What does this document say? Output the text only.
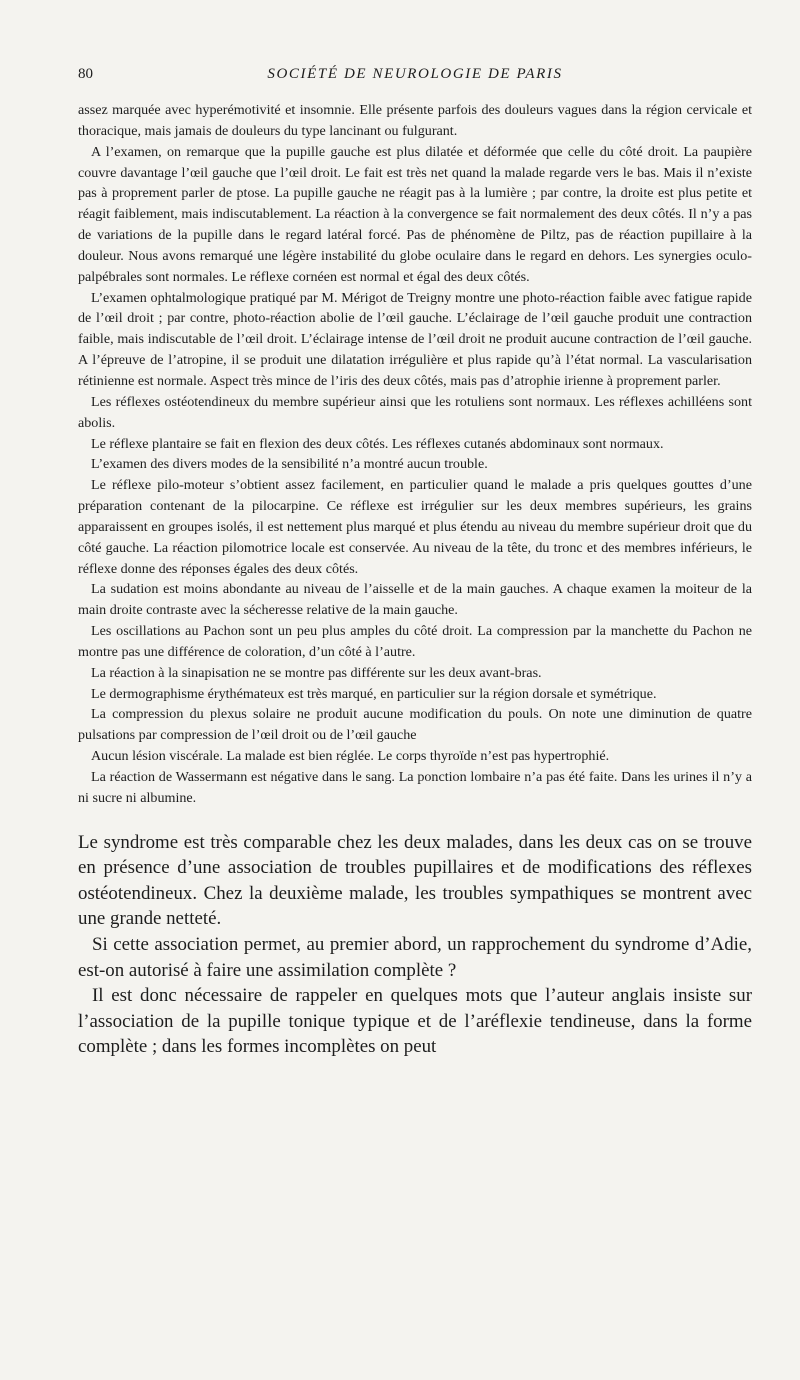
80	SOCIÉTÉ DE NEUROLOGIE DE PARIS

assez marquée avec hyperémotivité et insomnie. Elle présente parfois des douleurs vagues dans la région cervicale et thoracique, mais jamais de douleurs du type lancinant ou fulgurant.

A l’examen, on remarque que la pupille gauche est plus dilatée et déformée que celle du côté droit. La paupière couvre davantage l’œil gauche que l’œil droit. Le fait est très net quand la malade regarde vers le bas. Mais il n’existe pas à proprement parler de ptose. La pupille gauche ne réagit pas à la lumière ; par contre, la droite est plus petite et réagit faiblement, mais indiscutablement. La réaction à la convergence se fait normalement des deux côtés. Il n’y a pas de variations de la pupille dans le regard latéral forcé. Pas de phénomène de Piltz, pas de réaction pupillaire à la douleur. Nous avons remarqué une légère instabilité du globe oculaire dans le regard en dehors. Les synergies oculo-palpébrales sont normales. Le réflexe cornéen est normal et égal des deux côtés.

L’examen ophtalmologique pratiqué par M. Mérigot de Treigny montre une photo-réaction faible avec fatigue rapide de l’œil droit ; par contre, photo-réaction abolie de l’œil gauche. L’éclairage de l’œil gauche produit une contraction faible, mais indiscutable de l’œil droit. L’éclairage intense de l’œil droit ne produit aucune contraction de l’œil gauche. A l’épreuve de l’atropine, il se produit une dilatation irrégulière et plus rapide qu’à l’état normal. La vascularisation rétinienne est normale. Aspect très mince de l’iris des deux côtés, mais pas d’atrophie irienne à proprement parler.

Les réflexes ostéotendineux du membre supérieur ainsi que les rotuliens sont normaux. Les réflexes achilléens sont abolis.

Le réflexe plantaire se fait en flexion des deux côtés. Les réflexes cutanés abdominaux sont normaux.

L’examen des divers modes de la sensibilité n’a montré aucun trouble.

Le réflexe pilo-moteur s’obtient assez facilement, en particulier quand le malade a pris quelques gouttes d’une préparation contenant de la pilocarpine. Ce réflexe est irrégulier sur les deux membres supérieurs, les grains apparaissent en groupes isolés, il est nettement plus marqué et plus étendu au niveau du membre supérieur droit que du côté gauche. La réaction pilomotrice locale est conservée. Au niveau de la tête, du tronc et des membres inférieurs, le réflexe donne des réponses égales des deux côtés.

La sudation est moins abondante au niveau de l’aisselle et de la main gauches. A chaque examen la moiteur de la main droite contraste avec la sécheresse relative de la main gauche.

Les oscillations au Pachon sont un peu plus amples du côté droit. La compression par la manchette du Pachon ne montre pas une différence de coloration, d’un côté à l’autre.

La réaction à la sinapisation ne se montre pas différente sur les deux avant-bras.

Le dermographisme érythémateux est très marqué, en particulier sur la région dorsale et symétrique.

La compression du plexus solaire ne produit aucune modification du pouls. On note une diminution de quatre pulsations par compression de l’œil droit ou de l’œil gauche

Aucun lésion viscérale. La malade est bien réglée. Le corps thyroïde n’est pas hypertrophié.

La réaction de Wassermann est négative dans le sang. La ponction lombaire n’a pas été faite. Dans les urines il n’y a ni sucre ni albumine.

Le syndrome est très comparable chez les deux malades, dans les deux cas on se trouve en présence d’une association de troubles pupillaires et de modifications des réflexes ostéotendineux. Chez la deuxième malade, les troubles sympathiques se montrent avec une grande netteté.

Si cette association permet, au premier abord, un rapprochement du syndrome d’Adie, est-on autorisé à faire une assimilation complète ?

Il est donc nécessaire de rappeler en quelques mots que l’auteur anglais insiste sur l’association de la pupille tonique typique et de l’aréflexie tendineuse, dans la forme complète ; dans les formes incomplètes on peut
